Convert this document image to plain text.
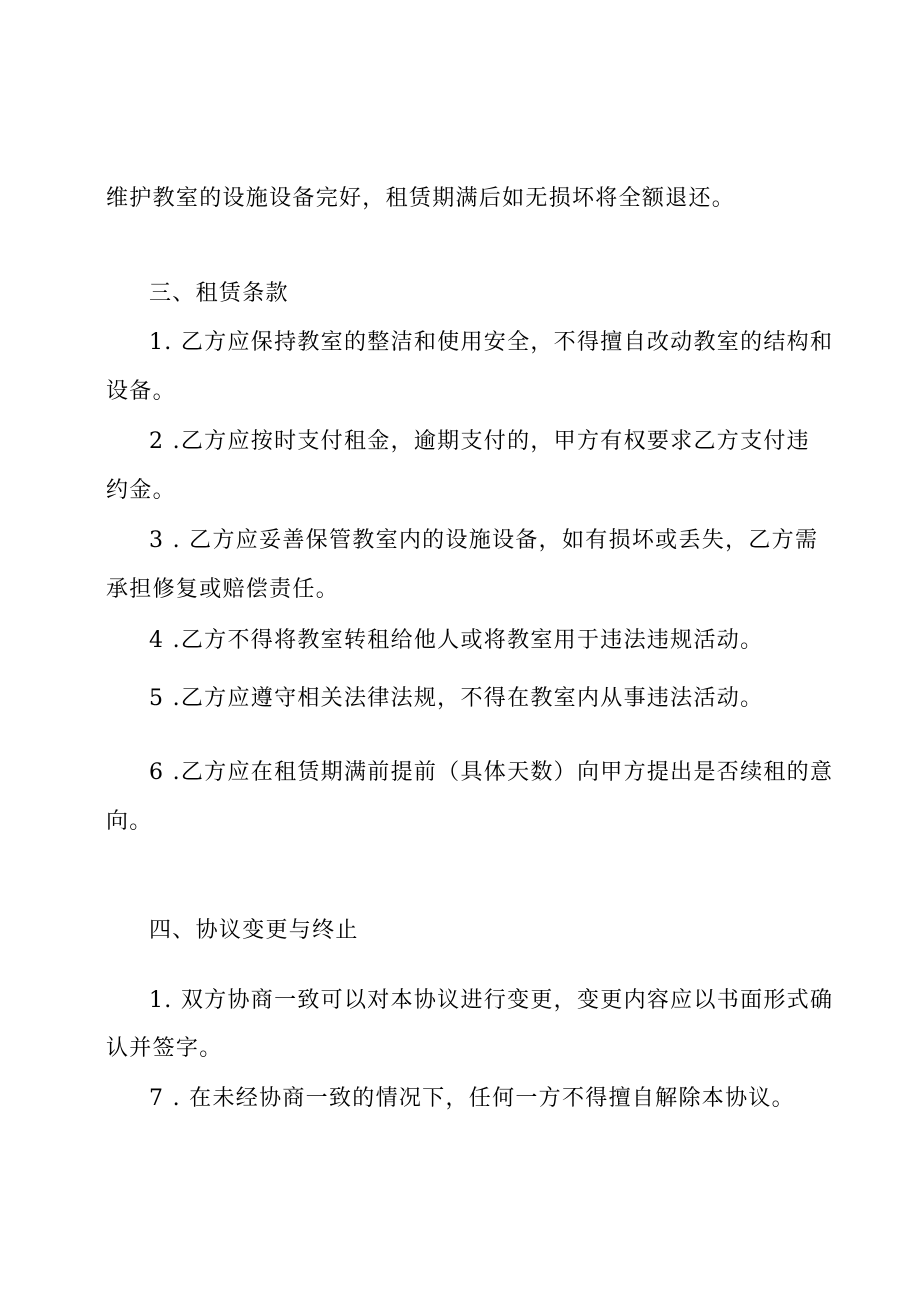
维护教室的设施设备完好，租赁期满后如无损坏将全额退还。
三、租赁条款
1. 乙方应保持教室的整洁和使用安全，不得擅自改动教室的结构和
设备。
2 .乙方应按时支付租金，逾期支付的，甲方有权要求乙方支付违
约金。
3 . 乙方应妥善保管教室内的设施设备，如有损坏或丢失，乙方需
承担修复或赔偿责任。
4 .乙方不得将教室转租给他人或将教室用于违法违规活动。
5 .乙方应遵守相关法律法规，不得在教室内从事违法活动。
6 .乙方应在租赁期满前提前（具体天数）向甲方提出是否续租的意
向。
四、协议变更与终止
1. 双方协商一致可以对本协议进行变更，变更内容应以书面形式确
认并签字。
7 . 在未经协商一致的情况下，任何一方不得擅自解除本协议。
